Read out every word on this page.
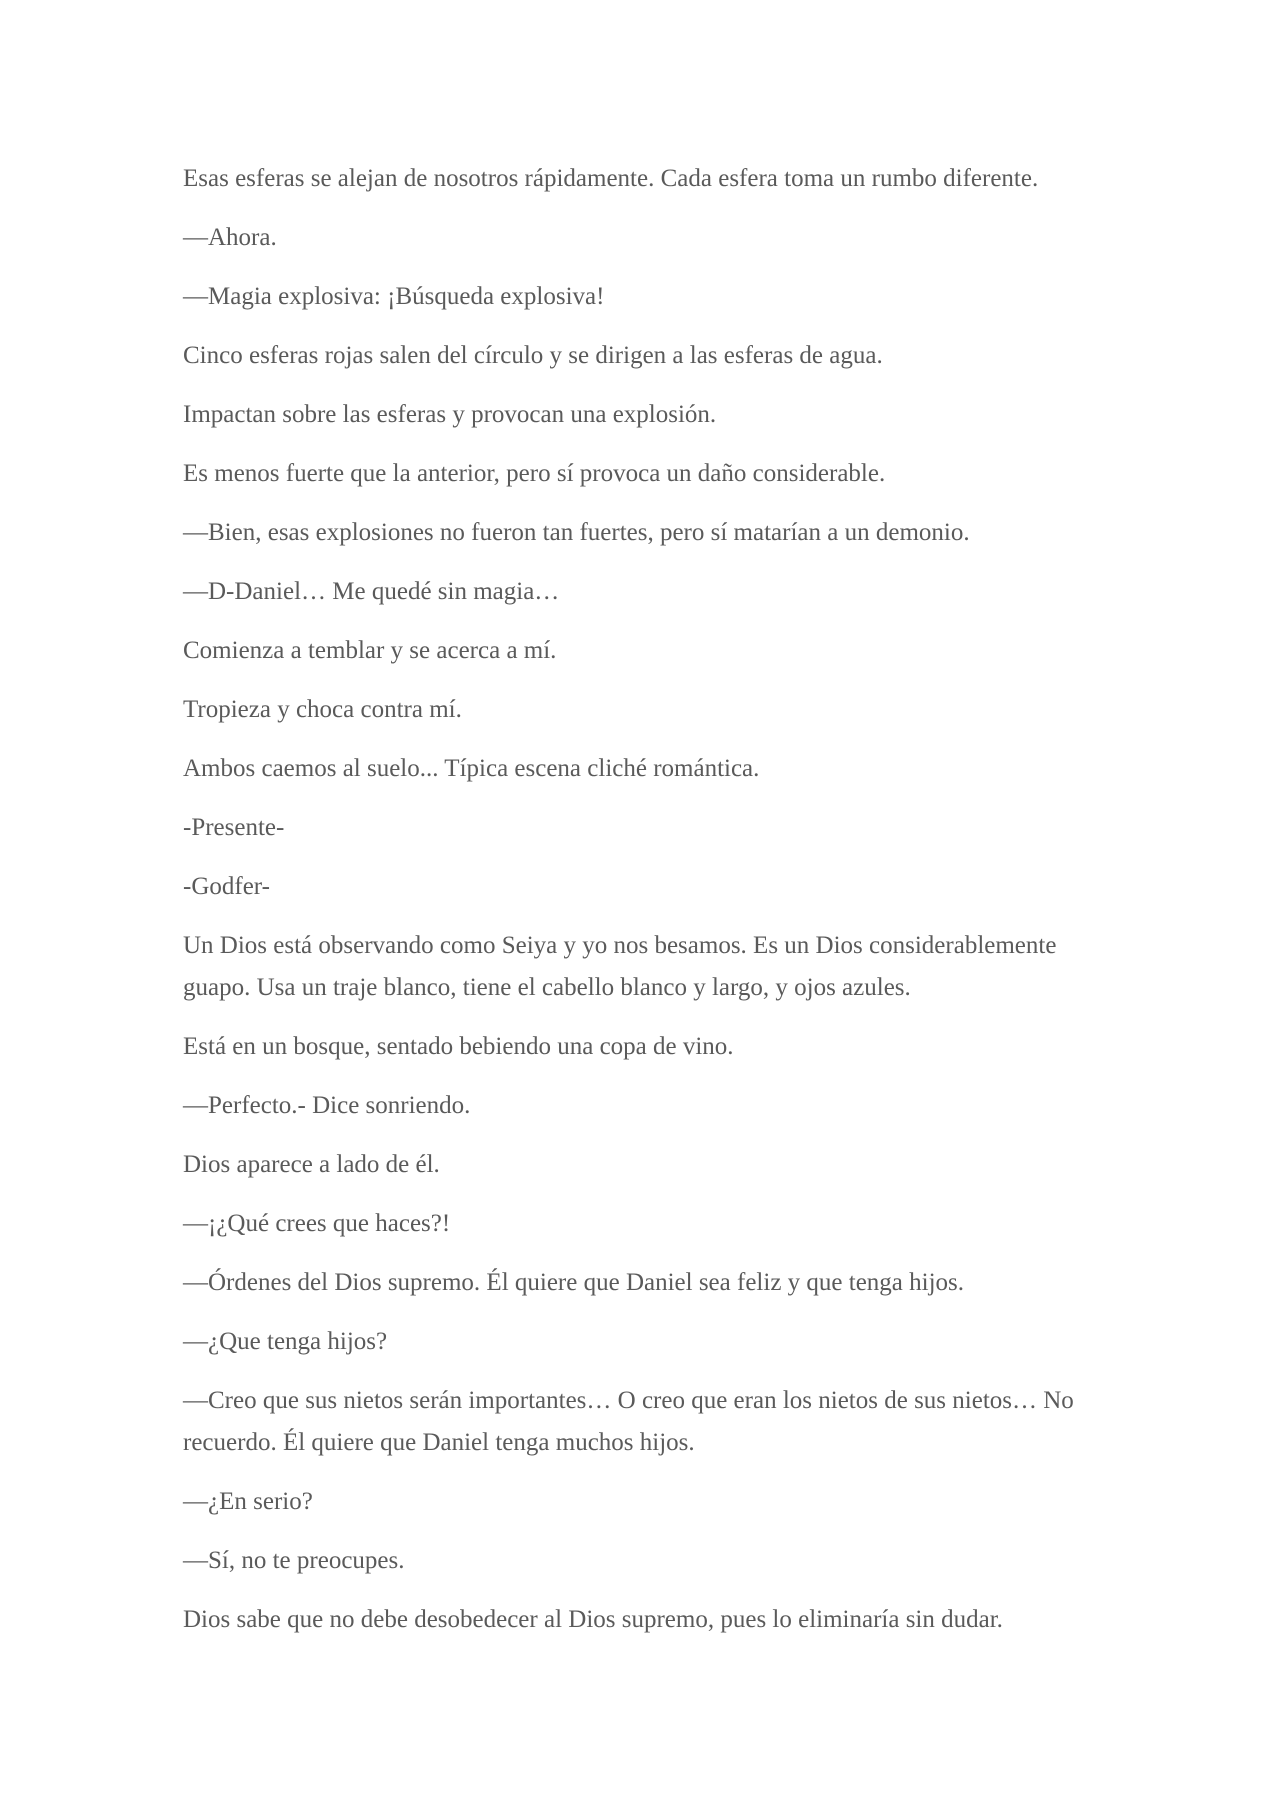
Esas esferas se alejan de nosotros rápidamente. Cada esfera toma un rumbo diferente.

—Ahora.

—Magia explosiva: ¡Búsqueda explosiva!

Cinco esferas rojas salen del círculo y se dirigen a las esferas de agua.

Impactan sobre las esferas y provocan una explosión.

Es menos fuerte que la anterior, pero sí provoca un daño considerable.

—Bien, esas explosiones no fueron tan fuertes, pero sí matarían a un demonio.

—D-Daniel… Me quedé sin magia…

Comienza a temblar y se acerca a mí.

Tropieza y choca contra mí.

Ambos caemos al suelo... Típica escena cliché romántica.

-Presente-

-Godfer-

Un Dios está observando como Seiya y yo nos besamos. Es un Dios considerablemente guapo. Usa un traje blanco, tiene el cabello blanco y largo, y ojos azules.

Está en un bosque, sentado bebiendo una copa de vino.

—Perfecto.- Dice sonriendo.

Dios aparece a lado de él.

—¡¿Qué crees que haces?!

—Órdenes del Dios supremo. Él quiere que Daniel sea feliz y que tenga hijos.

—¿Que tenga hijos?

—Creo que sus nietos serán importantes… O creo que eran los nietos de sus nietos… No recuerdo. Él quiere que Daniel tenga muchos hijos.

—¿En serio?

—Sí, no te preocupes.

Dios sabe que no debe desobedecer al Dios supremo, pues lo eliminaría sin dudar.
